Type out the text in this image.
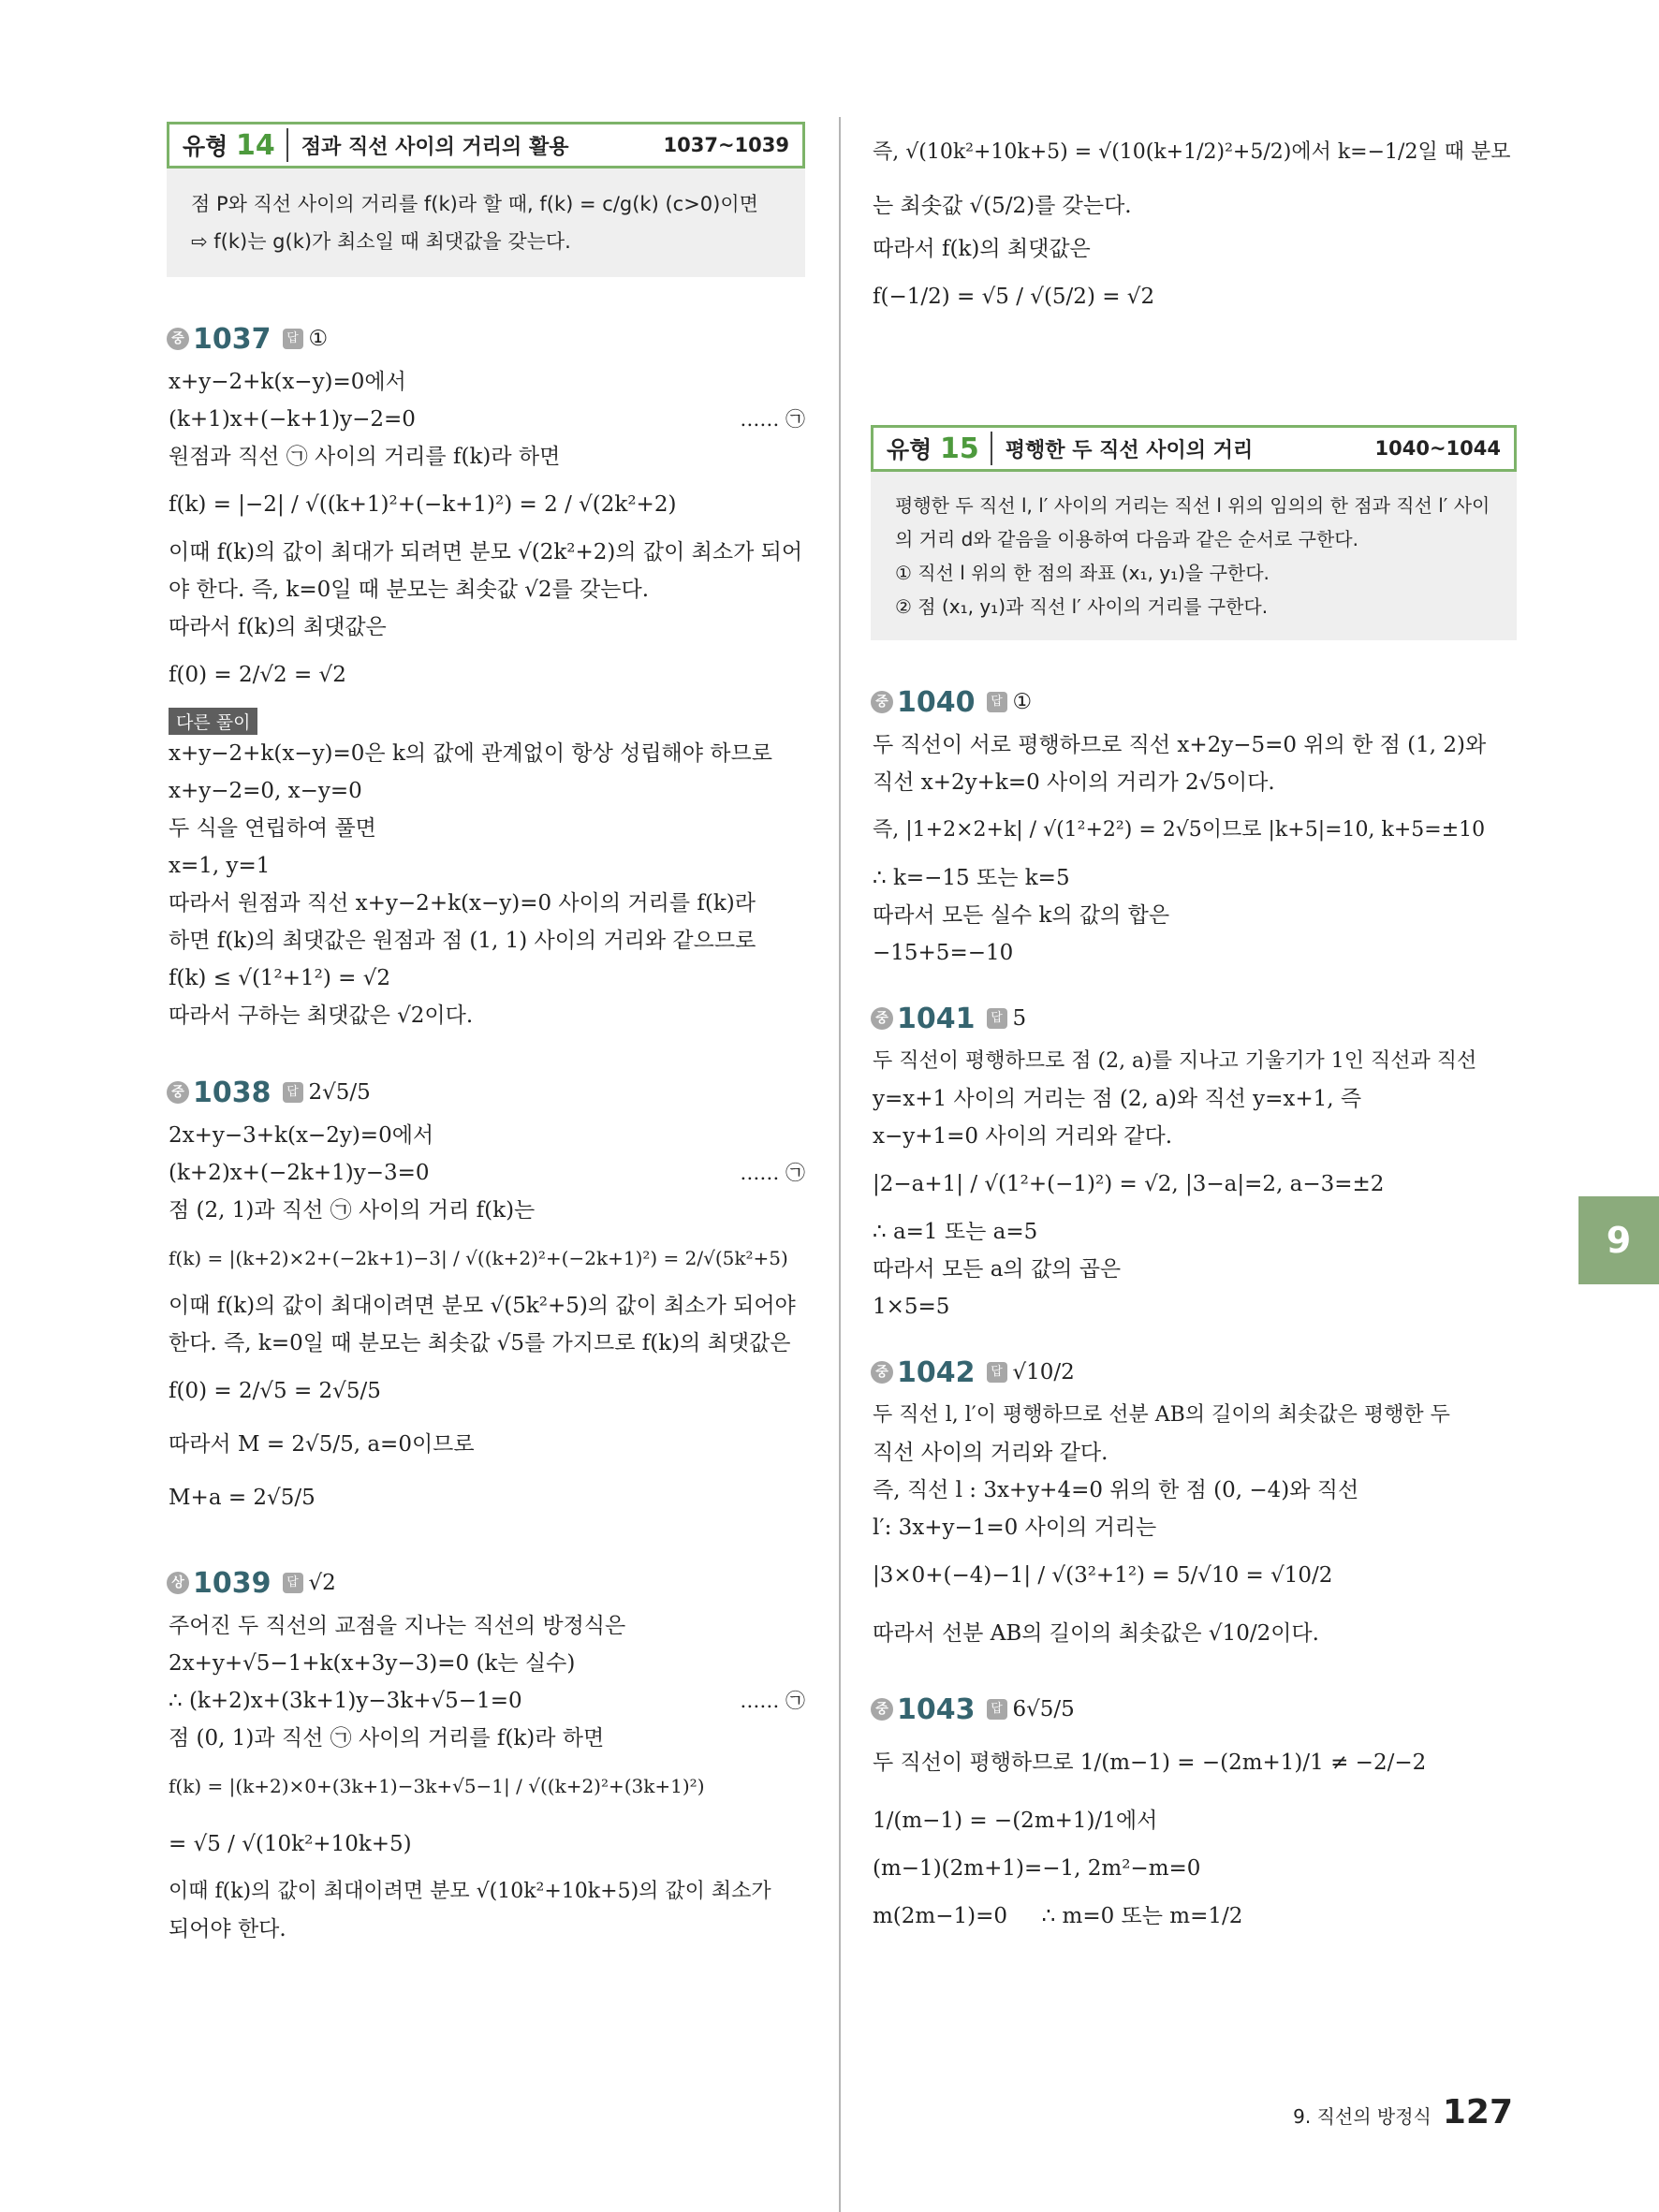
유형 14	점과 직선 사이의 거리의 활용	1037~1039
점 P와 직선 사이의 거리를 f(k)라 할 때, f(k) = c/g(k) (c>0)이면
⇨ f(k)는 g(k)가 최소일 때 최댓값을 갖는다.
중 1037	답 ①
x+y−2+k(x−y)=0에서
(k+1)x+(−k+1)y−2=0	…… ㉠
원점과 직선 ㉠ 사이의 거리를 f(k)라 하면
f(k) = |−2| / √((k+1)²+(−k+1)²) = 2 / √(2k²+2)
이때 f(k)의 값이 최대가 되려면 분모 √(2k²+2)의 값이 최소가 되어
야 한다. 즉, k=0일 때 분모는 최솟값 √2를 갖는다.
따라서 f(k)의 최댓값은
f(0) = 2/√2 = √2
다른 풀이
x+y−2+k(x−y)=0은 k의 값에 관계없이 항상 성립해야 하므로
x+y−2=0, x−y=0
두 식을 연립하여 풀면
x=1, y=1
따라서 원점과 직선 x+y−2+k(x−y)=0 사이의 거리를 f(k)라
하면 f(k)의 최댓값은 원점과 점 (1, 1) 사이의 거리와 같으므로
f(k) ≤ √(1²+1²) = √2
따라서 구하는 최댓값은 √2이다.
중 1038	답 2√5/5
2x+y−3+k(x−2y)=0에서
(k+2)x+(−2k+1)y−3=0	…… ㉠
점 (2, 1)과 직선 ㉠ 사이의 거리 f(k)는
f(k) = |(k+2)×2+(−2k+1)−3| / √((k+2)²+(−2k+1)²) = 2/√(5k²+5)
이때 f(k)의 값이 최대이려면 분모 √(5k²+5)의 값이 최소가 되어야
한다. 즉, k=0일 때 분모는 최솟값 √5를 가지므로 f(k)의 최댓값은
f(0) = 2/√5 = 2√5/5
따라서 M = 2√5/5, a=0이므로
M+a = 2√5/5
상 1039	답 √2
주어진 두 직선의 교점을 지나는 직선의 방정식은
2x+y+√5−1+k(x+3y−3)=0 (k는 실수)
∴ (k+2)x+(3k+1)y−3k+√5−1=0	…… ㉠
점 (0, 1)과 직선 ㉠ 사이의 거리를 f(k)라 하면
f(k) = |(k+2)×0+(3k+1)−3k+√5−1| / √((k+2)²+(3k+1)²)
= √5 / √(10k²+10k+5)
이때 f(k)의 값이 최대이려면 분모 √(10k²+10k+5)의 값이 최소가
되어야 한다.
즉, √(10k²+10k+5) = √(10(k+1/2)²+5/2)에서 k=−1/2일 때 분모
는 최솟값 √(5/2)를 갖는다.
따라서 f(k)의 최댓값은
f(−1/2) = √5 / √(5/2) = √2
유형 15	평행한 두 직선 사이의 거리	1040~1044
평행한 두 직선 l, l′ 사이의 거리는 직선 l 위의 임의의 한 점과 직선 l′ 사이
의 거리 d와 같음을 이용하여 다음과 같은 순서로 구한다.
① 직선 l 위의 한 점의 좌표 (x₁, y₁)을 구한다.
② 점 (x₁, y₁)과 직선 l′ 사이의 거리를 구한다.
중 1040	답 ①
두 직선이 서로 평행하므로 직선 x+2y−5=0 위의 한 점 (1, 2)와
직선 x+2y+k=0 사이의 거리가 2√5이다.
즉, |1+2×2+k| / √(1²+2²) = 2√5이므로 |k+5|=10, k+5=±10
∴ k=−15 또는 k=5
따라서 모든 실수 k의 값의 합은
−15+5=−10
중 1041	답 5
두 직선이 평행하므로 점 (2, a)를 지나고 기울기가 1인 직선과 직선
y=x+1 사이의 거리는 점 (2, a)와 직선 y=x+1, 즉
x−y+1=0 사이의 거리와 같다.
|2−a+1| / √(1²+(−1)²) = √2, |3−a|=2, a−3=±2
∴ a=1 또는 a=5
따라서 모든 a의 값의 곱은
1×5=5
중 1042	답 √10/2
두 직선 l, l′이 평행하므로 선분 AB의 길이의 최솟값은 평행한 두
직선 사이의 거리와 같다.
즉, 직선 l : 3x+y+4=0 위의 한 점 (0, −4)와 직선
l′: 3x+y−1=0 사이의 거리는
|3×0+(−4)−1| / √(3²+1²) = 5/√10 = √10/2
따라서 선분 AB의 길이의 최솟값은 √10/2이다.
중 1043	답 6√5/5
두 직선이 평행하므로 1/(m−1) = −(2m+1)/1 ≠ −2/−2
1/(m−1) = −(2m+1)/1에서
(m−1)(2m+1)=−1, 2m²−m=0
m(2m−1)=0     ∴ m=0 또는 m=1/2
9
9. 직선의 방정식 127
